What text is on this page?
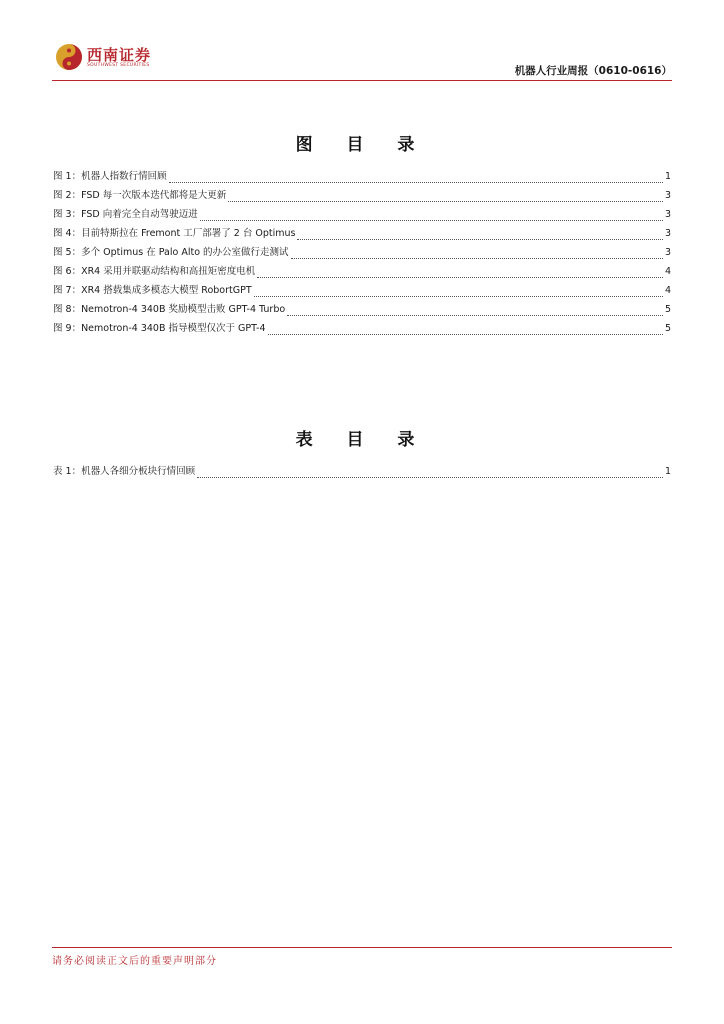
西南证券
SOUTHWEST SECURITIES	机器人行业周报（0610-0616）
图 目 录
图 1： 机器人指数行情回顾	1
图 2： FSD 每一次版本迭代都将是大更新	3
图 3： FSD 向着完全自动驾驶迈进	3
图 4： 目前特斯拉在 Fremont 工厂部署了 2 台 Optimus	3
图 5： 多个 Optimus 在 Palo Alto 的办公室做行走测试	3
图 6： XR4 采用并联驱动结构和高扭矩密度电机	4
图 7： XR4 搭载集成多模态大模型 RobortGPT	4
图 8： Nemotron-4 340B 奖励模型击败 GPT-4 Turbo	5
图 9： Nemotron-4 340B 指导模型仅次于 GPT-4	5
表 目 录
表 1： 机器人各细分板块行情回顾	1
请务必阅读正文后的重要声明部分
